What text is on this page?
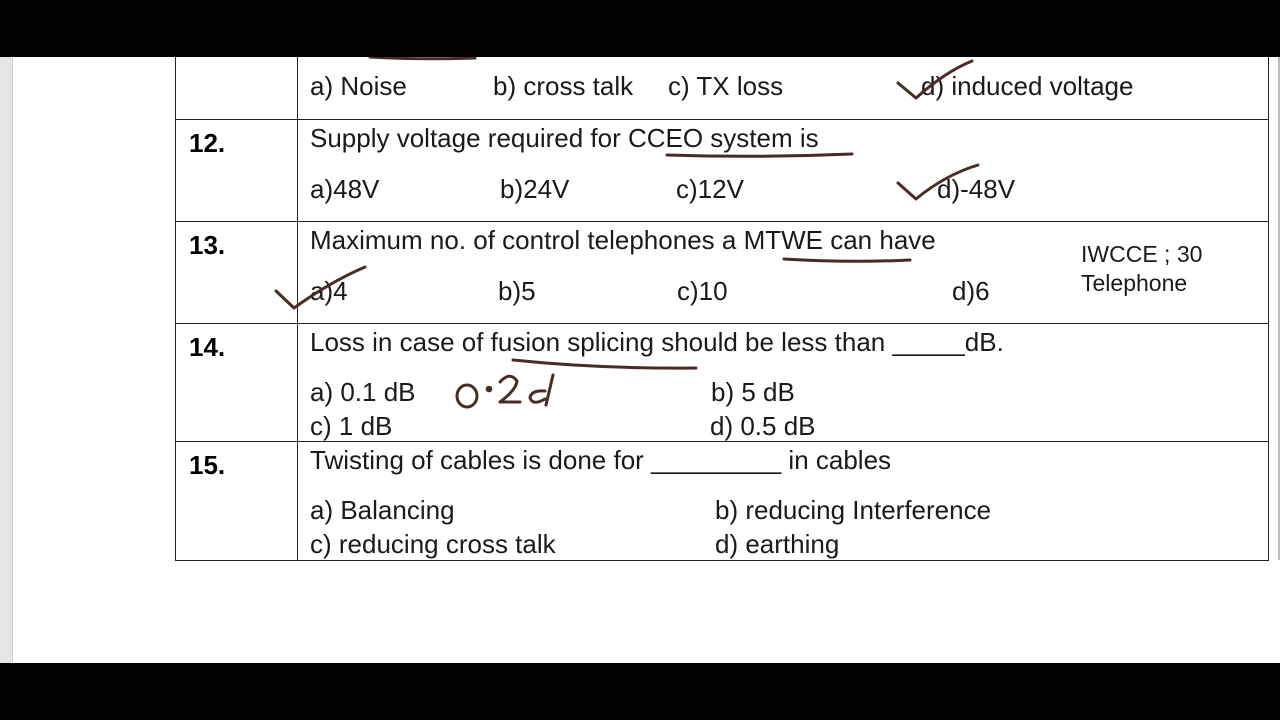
a) Noise	b) cross talk c) TX loss	d) induced voltage
12.	Supply voltage required for CCEO system is
a)48V	b)24V	c)12V	d)-48V
13.	Maximum no. of control telephones a MTWE can have
a)4	b)5	c)10	d)6
IWCCE ; 30
Telephone
14.	Loss in case of fusion splicing should be less than _____dB.
a) 0.1 dB	b) 5 dB
c) 1 dB	d) 0.5 dB
15.	Twisting of cables is done for _________ in cables
a) Balancing	b) reducing Interference
c) reducing cross talk	d) earthing
